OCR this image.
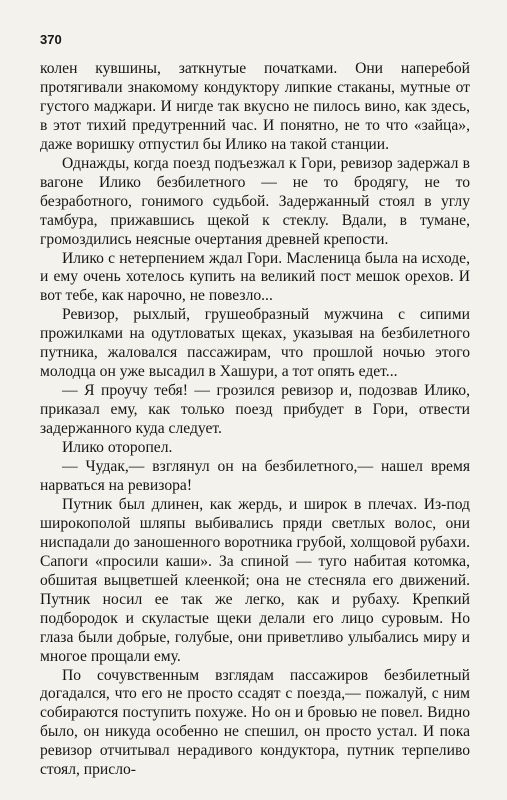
370

колен кувшины, заткнутые початками. Они наперебой протягивали знакомому кондуктору липкие стаканы, мутные от густого маджари. И нигде так вкусно не пилось вино, как здесь, в этот тихий предутренний час. И понятно, не то что «зайца», даже воришку отпустил бы Илико на такой станции.

Однажды, когда поезд подъезжал к Гори, ревизор задержал в вагоне Илико безбилетного — не то бродягу, не то безработного, гонимого судьбой. Задержанный стоял в углу тамбура, прижавшись щекой к стеклу. Вдали, в тумане, громоздились неясные очертания древней крепости.

Илико с нетерпением ждал Гори. Масленица была на исходе, и ему очень хотелось купить на великий пост мешок орехов. И вот тебе, как нарочно, не повезло...

Ревизор, рыхлый, грушеобразный мужчина с сипими прожилками на одутловатых щеках, указывая на безбилетного путника, жаловался пассажирам, что прошлой ночью этого молодца он уже высадил в Хашури, а тот опять едет...

— Я проучу тебя! — грозился ревизор и, подозвав Илико, приказал ему, как только поезд прибудет в Гори, отвести задержанного куда следует.

Илико оторопел.

— Чудак,— взглянул он на безбилетного,— нашел время нарваться на ревизора!

Путник был длинен, как жердь, и широк в плечах. Из-под широкополой шляпы выбивались пряди светлых волос, они ниспадали до заношенного воротника грубой, холщовой рубахи. Сапоги «просили каши». За спиной — туго набитая котомка, обшитая выцветшей клеенкой; она не стесняла его движений. Путник носил ее так же легко, как и рубаху. Крепкий подбородок и скуластые щеки делали его лицо суровым. Но глаза были добрые, голубые, они приветливо улыбались миру и многое прощали ему.

По сочувственным взглядам пассажиров безбилетный догадался, что его не просто ссадят с поезда,— пожалуй, с ним собираются поступить похуже. Но он и бровью не повел. Видно было, он никуда особенно не спешил, он просто устал. И пока ревизор отчитывал нерадивого кондуктора, путник терпеливо стоял, присло-
